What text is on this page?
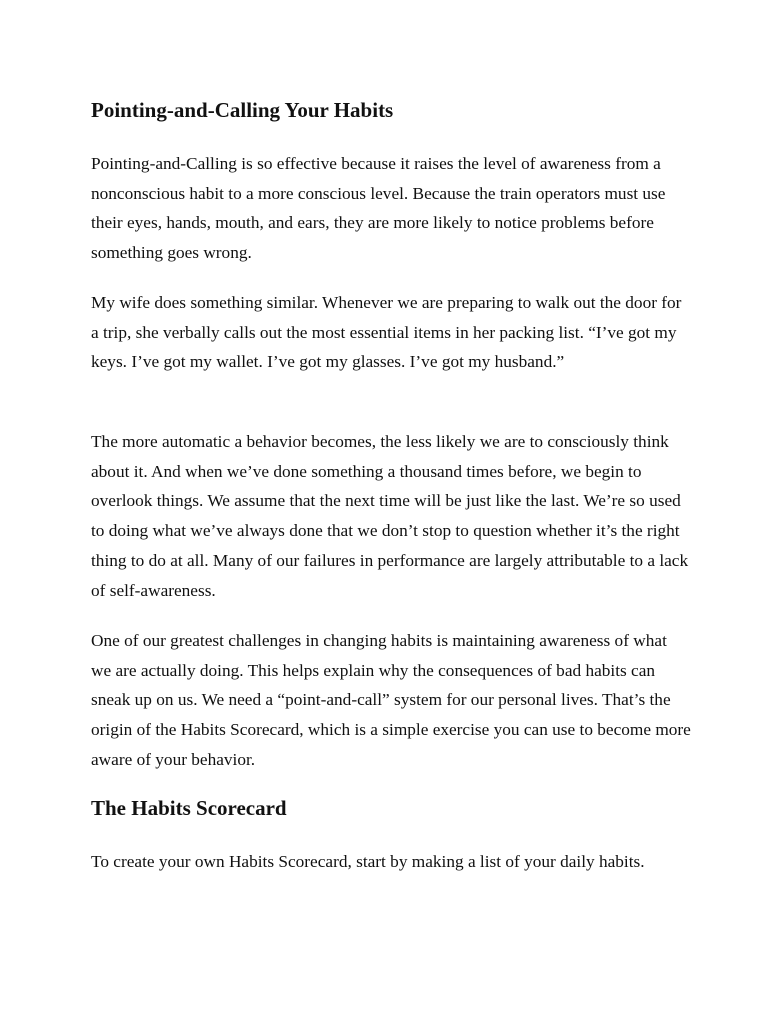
Pointing-and-Calling Your Habits

Pointing-and-Calling is so effective because it raises the level of awareness from a nonconscious habit to a more conscious level. Because the train operators must use their eyes, hands, mouth, and ears, they are more likely to notice problems before something goes wrong.

My wife does something similar. Whenever we are preparing to walk out the door for a trip, she verbally calls out the most essential items in her packing list. “I’ve got my keys. I’ve got my wallet. I’ve got my glasses. I’ve got my husband.”

The more automatic a behavior becomes, the less likely we are to consciously think about it. And when we’ve done something a thousand times before, we begin to overlook things. We assume that the next time will be just like the last. We’re so used to doing what we’ve always done that we don’t stop to question whether it’s the right thing to do at all. Many of our failures in performance are largely attributable to a lack of self-awareness.

One of our greatest challenges in changing habits is maintaining awareness of what we are actually doing. This helps explain why the consequences of bad habits can sneak up on us. We need a “point-and-call” system for our personal lives. That’s the origin of the Habits Scorecard, which is a simple exercise you can use to become more aware of your behavior.

The Habits Scorecard

To create your own Habits Scorecard, start by making a list of your daily habits.
